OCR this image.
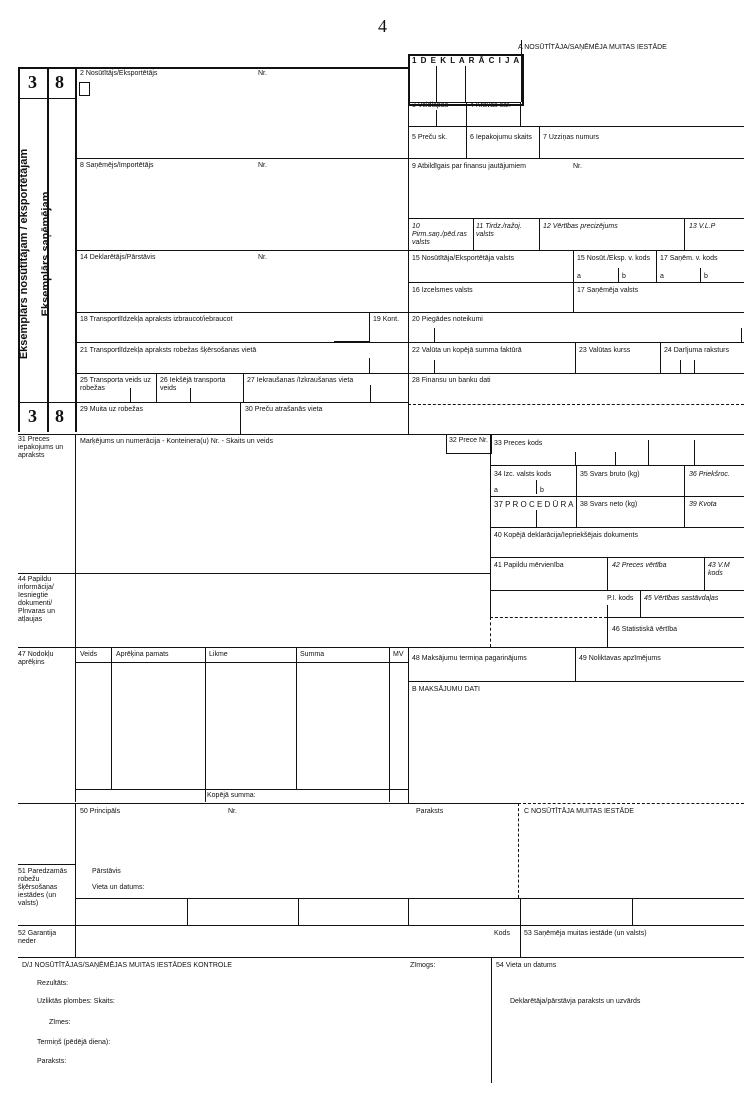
4
A NOSŪTĪTĀJA/SAŅĒMĒJA MUITAS IESTĀDE
1 D E K L A R Ā C I J A
3 8
Eksemplārs nosūtītājam / eksportētājam Eksemplārs saņēmējam
3 8
2 Nosūtītājs/Eksportētājs	Nr.
8 Saņēmējs/Importētājs	Nr.
14 Deklarētājs/Pārstāvis	Nr.
18 Transportlīdzekļa apraksts izbraucot/iebraucot	19 Kont.
21 Transportlīdzekļa apraksts robežas šķērsošanas vietā
25 Transporta veids uz robežas
26 Iekšējā transporta veids
27 Iekraušanas /Izkraušanas vieta
29 Muita uz robežas	30 Preču atrašanās vieta
3 Veidlapas	4 Kravas sar.
5 Preču sk.	6 Iepakojumu skaits 7 Uzziņas numurs
9 Atbildīgais par finansu jautājumiem	Nr.
10 Pirm.saņ./pēd.ras valsts
11 Tirdz./ražoj. valsts
12 Vērtības precizējums	13 V.L.P
15 Nosūtītāja/Eksportētāja valsts	15 Nosūt./Eksp. v. kods 17 Saņēm. v. kods
a	b	a	b
16 Izcelsmes valsts	17 Saņēmēja valsts
20 Piegādes noteikumi
22 Valūta un kopējā summa faktūrā	23 Valūtas kurss	24 Darījuma raksturs
28 Finansu un banku dati
31 Preces iepakojums un apraksts
Marķējums un numerācija - Konteinera(u) Nr. - Skaits un veids	32 Prece Nr. 33 Preces kods
34 Izc. valsts kods
a	b
35 Svars bruto (kg)	36 Priekšroc.
37 P R O C E D Ū R A 38 Svars neto (kg)	39 Kvota
40 Kopējā deklarācija/Iepriekšējais dokuments
41 Papildu mērvienība	42 Preces vērtība	43 V.M kods
44 Papildu informācija/ Iesniegtie dokumenti/ Plnvaras un atļaujas
P.I. kods 45 Vērtības sastāvdaļas
46 Statistiskā vērtība
47 Nodokļu aprēķins
Veids	Aprēķina pamats	Likme	Summa	MV
Kopējā summa:
48 Maksājumu termiņa pagarinājums	49 Noliktavas apzīmējums
B MAKSĀJUMU DATI
50 Principāls	Nr.	Paraksts	C NOSŪTĪTĀJA MUITAS IESTĀDE
Pārstāvis
Vieta un datums:
51 Paredzamās robežu šķērsošanas iestādes (un valsts)
52 Garantija neder
Kods 53 Saņēmēja muitas iestāde (un valsts)
D/J NOSŪTĪTĀJAS/SAŅĒMĒJAS MUITAS IESTĀDES KONTROLE	Zīmogs:	54 Vieta un datums
Rezultāts:
Uzliktās plombes: Skaits:
Zīmes:
Termiņš (pēdējā diena):
Paraksts:
Deklarētāja/pārstāvja paraksts un uzvārds
